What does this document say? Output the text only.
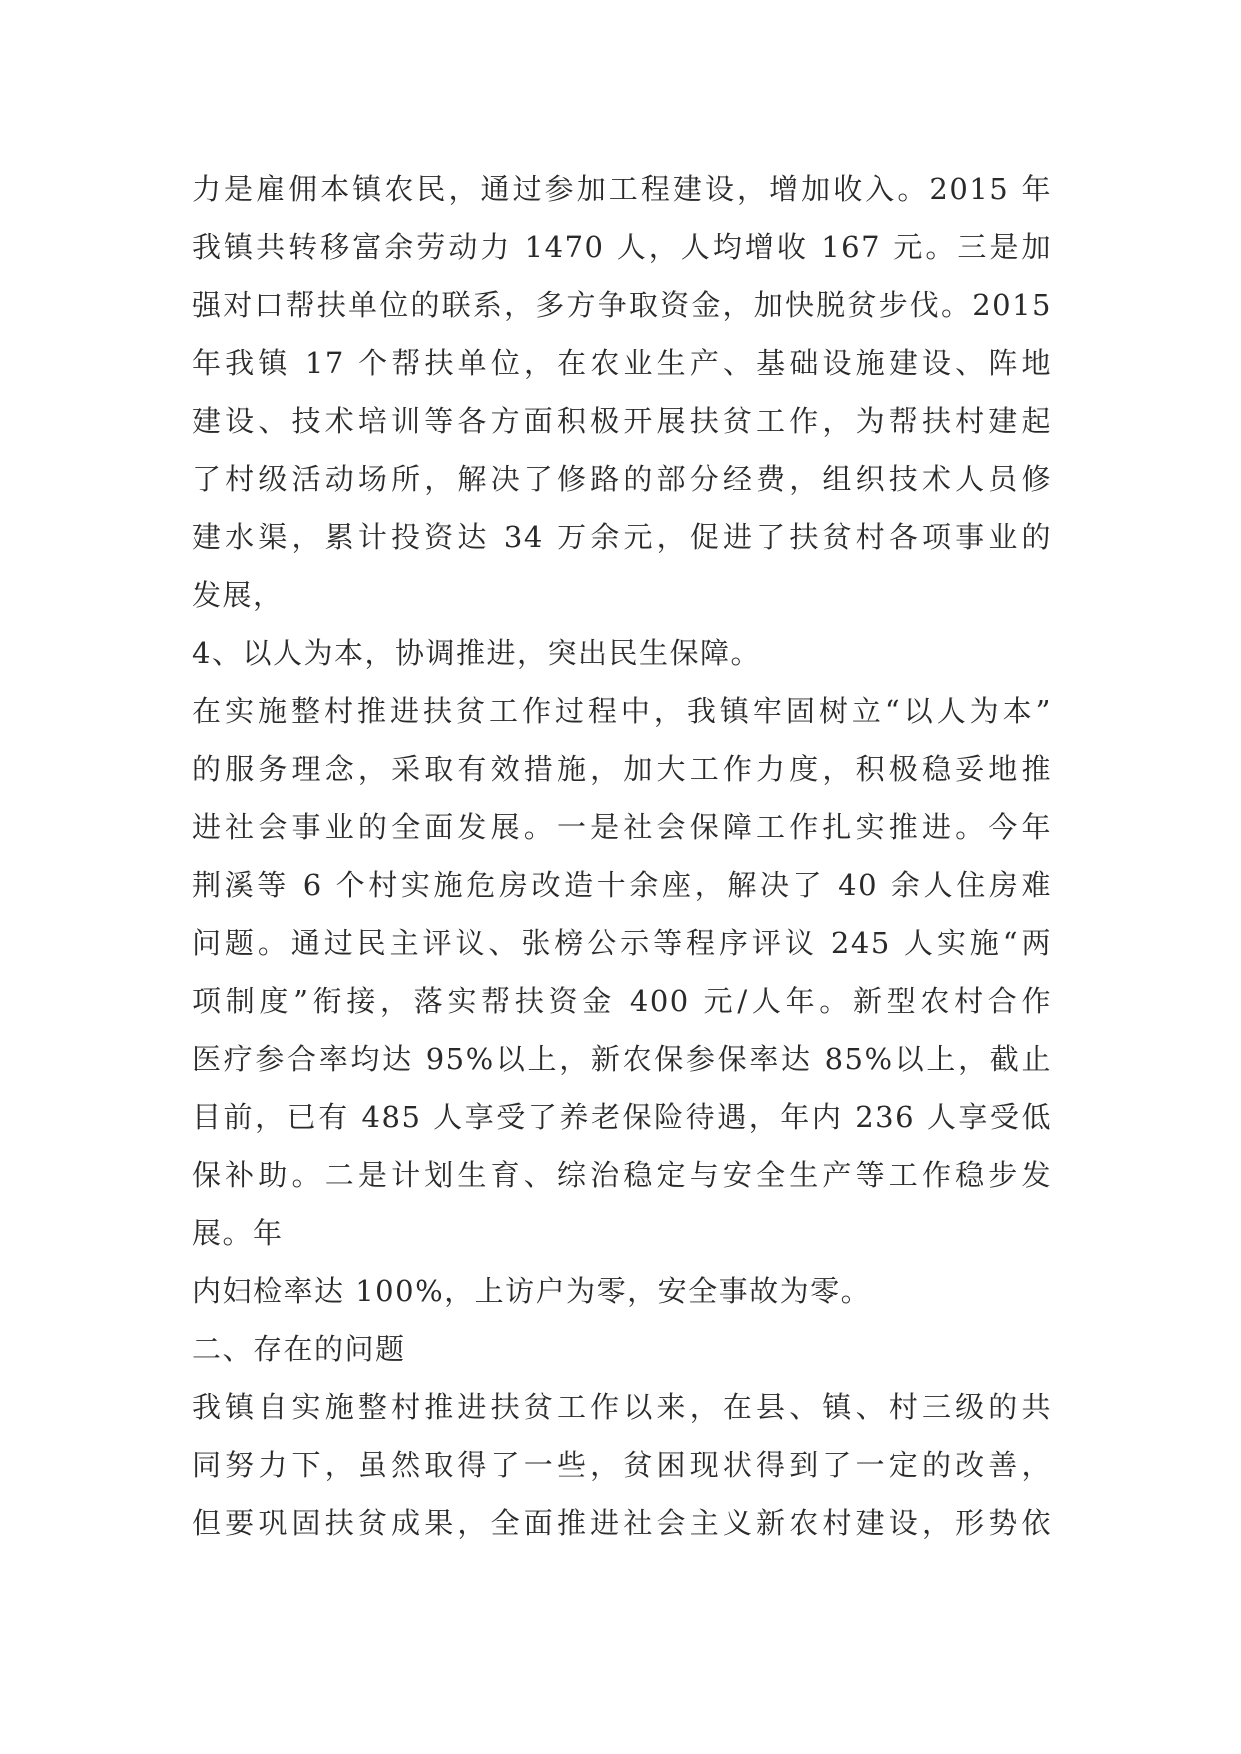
力是雇佣本镇农民，通过参加工程建设，增加收入。2015 年
我镇共转移富余劳动力 1470 人，人均增收 167 元。三是加
强对口帮扶单位的联系，多方争取资金，加快脱贫步伐。2015
年我镇 17 个帮扶单位，在农业生产、基础设施建设、阵地
建设、技术培训等各方面积极开展扶贫工作，为帮扶村建起
了村级活动场所，解决了修路的部分经费，组织技术人员修
建水渠，累计投资达 34 万余元，促进了扶贫村各项事业的
发展，
4、以人为本，协调推进，突出民生保障。
在实施整村推进扶贫工作过程中，我镇牢固树立“以人为本”
的服务理念，采取有效措施，加大工作力度，积极稳妥地推
进社会事业的全面发展。一是社会保障工作扎实推进。今年
荆溪等 6 个村实施危房改造十余座，解决了 40 余人住房难
问题。通过民主评议、张榜公示等程序评议 245 人实施“两
项制度”衔接，落实帮扶资金 400 元/人年。新型农村合作
医疗参合率均达 95%以上，新农保参保率达 85%以上，截止
目前，已有 485 人享受了养老保险待遇，年内 236 人享受低
保补助。二是计划生育、综治稳定与安全生产等工作稳步发
展。年
内妇检率达 100%，上访户为零，安全事故为零。
二、存在的问题
我镇自实施整村推进扶贫工作以来，在县、镇、村三级的共
同努力下，虽然取得了一些，贫困现状得到了一定的改善，
但要巩固扶贫成果，全面推进社会主义新农村建设，形势依
